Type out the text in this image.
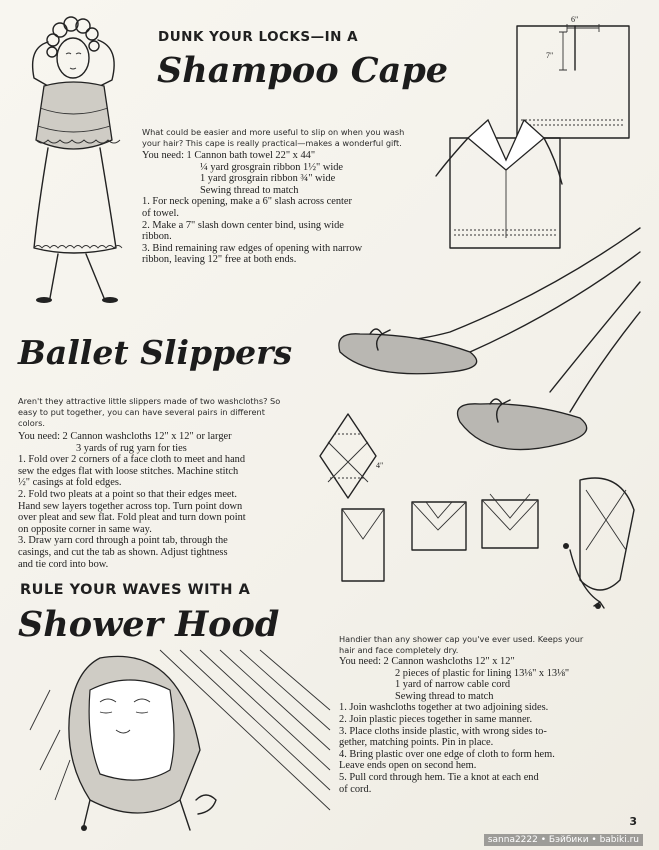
DUNK YOUR LOCKS—IN A
Shampoo Cape

What could be easier and more useful to slip on when you wash
your hair? This cape is really practical—makes a wonderful gift.

You need: 1 Cannon bath towel 22" x 44"
¼ yard grosgrain ribbon 1½" wide
1 yard grosgrain ribbon ¾" wide
Sewing thread to match
1. For neck opening, make a 6" slash across center
of towel.
2. Make a 7" slash down center bind, using wide
ribbon.
3. Bind remaining raw edges of opening with narrow
ribbon, leaving 12" free at both ends.
6"
7"
Ballet Slippers

Aren't they attractive little slippers made of two washcloths? So
easy to put together, you can have several pairs in different
colors.

You need: 2 Cannon washcloths 12" x 12" or larger
3 yards of rug yarn for ties
1. Fold over 2 corners of a face cloth to meet and hand
sew the edges flat with loose stitches. Machine stitch
½" casings at fold edges.
2. Fold two pleats at a point so that their edges meet.
Hand sew layers together across top. Turn point down
over pleat and sew flat. Fold pleat and turn down point
on opposite corner in same way.
3. Draw yarn cord through a point tab, through the
casings, and cut the tab as shown. Adjust tightness
and tie cord into bow.
4"
RULE YOUR WAVES WITH A
Shower Hood	Handier than any shower cap you've ever used. Keeps your
hair and face completely dry.

You need: 2 Cannon washcloths 12" x 12"
2 pieces of plastic for lining 13⅛" x 13⅛"
1 yard of narrow cable cord
Sewing thread to match
1. Join washcloths together at two adjoining sides.
2. Join plastic pieces together in same manner.
3. Place cloths inside plastic, with wrong sides to-
gether, matching points. Pin in place.
4. Bring plastic over one edge of cloth to form hem.
Leave ends open on second hem.
5. Pull cord through hem. Tie a knot at each end
of cord.
3
sanna2222 • Бэйбики • babiki.ru
